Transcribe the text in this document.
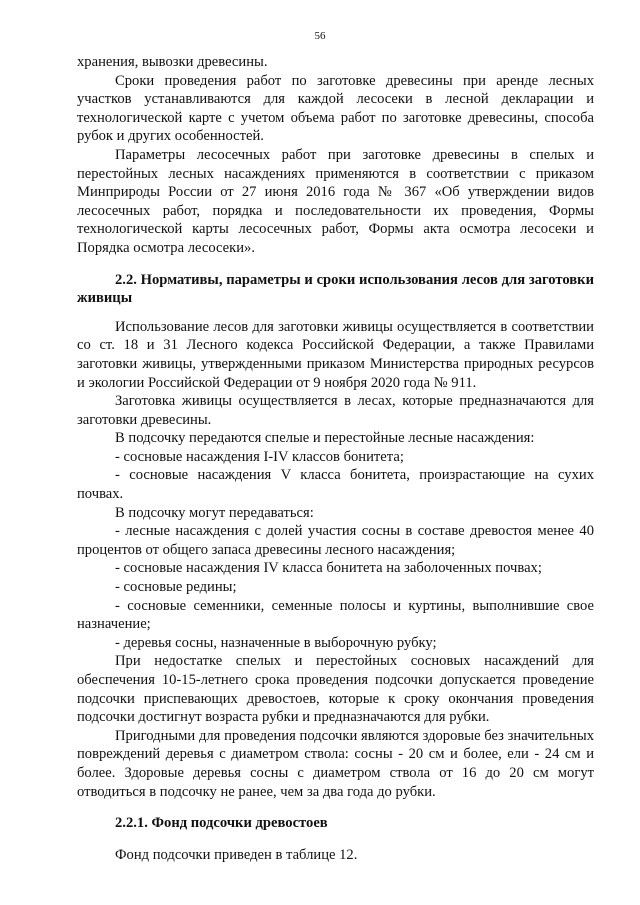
56

хранения, вывозки древесины.

Сроки проведения работ по заготовке древесины при аренде лесных участков устанавливаются для каждой лесосеки в лесной декларации и технологической карте с учетом объема работ по заготовке древесины, способа рубок и других особенностей.

Параметры лесосечных работ при заготовке древесины в спелых и перестойных лесных насаждениях применяются в соответствии с приказом Минприроды России от 27 июня 2016 года № 367 «Об утверждении видов лесосечных работ, порядка и последовательности их проведения, Формы технологической карты лесосечных работ, Формы акта осмотра лесосеки и Порядка осмотра лесосеки».

2.2. Нормативы, параметры и сроки использования лесов для заготовки живицы

Использование лесов для заготовки живицы осуществляется в соответствии со ст. 18 и 31 Лесного кодекса Российской Федерации, а также Правилами заготовки живицы, утвержденными приказом Министерства природных ресурсов и экологии Российской Федерации от 9 ноября 2020 года № 911.

Заготовка живицы осуществляется в лесах, которые предназначаются для заготовки древесины.

В подсочку передаются спелые и перестойные лесные насаждения:

- сосновые насаждения I-IV классов бонитета;

- сосновые насаждения V класса бонитета, произрастающие на сухих почвах.

В подсочку могут передаваться:

- лесные насаждения с долей участия сосны в составе древостоя менее 40 процентов от общего запаса древесины лесного насаждения;

- сосновые насаждения IV класса бонитета на заболоченных почвах;

- сосновые редины;

- сосновые семенники, семенные полосы и куртины, выполнившие свое назначение;

- деревья сосны, назначенные в выборочную рубку;

При недостатке спелых и перестойных сосновых насаждений для обеспечения 10-15-летнего срока проведения подсочки допускается проведение подсочки приспевающих древостоев, которые к сроку окончания проведения подсочки достигнут возраста рубки и предназначаются для рубки.

Пригодными для проведения подсочки являются здоровые без значительных повреждений деревья с диаметром ствола: сосны - 20 см и более, ели - 24 см и более. Здоровые деревья сосны с диаметром ствола от 16 до 20 см могут отводиться в подсочку не ранее, чем за два года до рубки.

2.2.1. Фонд подсочки древостоев

Фонд подсочки приведен в таблице 12.
